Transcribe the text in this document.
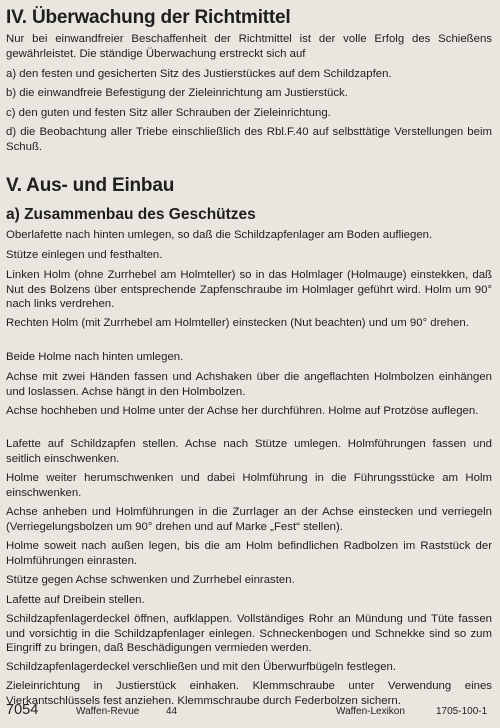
IV. Überwachung der Richtmittel

Nur bei einwandfreier Beschaffenheit der Richtmittel ist der volle Erfolg des Schießens gewährleistet. Die ständige Überwachung erstreckt sich auf

a) den festen und gesicherten Sitz des Justierstückes auf dem Schildzapfen.

b) die einwandfreie Befestigung der Zieleinrichtung am Justierstück.

c) den guten und festen Sitz aller Schrauben der Zieleinrichtung.

d) die Beobachtung aller Triebe einschließlich des Rbl.F.40 auf selbsttätige Verstellungen beim Schuß.

V. Aus- und Einbau
a) Zusammenbau des Geschützes

Oberlafette nach hinten umlegen, so daß die Schildzapfenlager am Boden aufliegen.

Stütze einlegen und festhalten.

Linken Holm (ohne Zurrhebel am Holmteller) so in das Holmlager (Holmauge) einstekken, daß Nut des Bolzens über entsprechende Zapfenschraube im Holmlager geführt wird. Holm um 90° nach links verdrehen.

Rechten Holm (mit Zurrhebel am Holmteller) einstecken (Nut beachten) und um 90° drehen.

Beide Holme nach hinten umlegen.

Achse mit zwei Händen fassen und Achshaken über die angeflachten Holmbolzen einhängen und loslassen. Achse hängt in den Holmbolzen.

Achse hochheben und Holme unter der Achse her durchführen. Holme auf Protzöse auflegen.

Lafette auf Schildzapfen stellen. Achse nach Stütze umlegen. Holmführungen fassen und seitlich einschwenken.

Holme weiter herumschwenken und dabei Holmführung in die Führungsstücke am Holm einschwenken.

Achse anheben und Holmführungen in die Zurrlager an der Achse einstecken und verriegeln (Verriegelungsbolzen um 90° drehen und auf Marke „Fest“ stellen).

Holme soweit nach außen legen, bis die am Holm befindlichen Radbolzen im Raststück der Holmführungen einrasten.

Stütze gegen Achse schwenken und Zurrhebel einrasten.

Lafette auf Dreibein stellen.

Schildzapfenlagerdeckel öffnen, aufklappen. Vollständiges Rohr an Mündung und Tüte fassen und vorsichtig in die Schildzapfenlager einlegen. Schneckenbogen und Schnekke sind so zum Eingriff zu bringen, daß Beschädigungen vermieden werden.

Schildzapfenlagerdeckel verschließen und mit den Überwurfbügeln festlegen.

Zieleinrichtung in Justierstück einhaken. Klemmschraube unter Verwendung eines Vierkantschlüssels fest anziehen. Klemmschraube durch Federbolzen sichern.

7054	Waffen-Revue	44	Waffen-Lexikon	1705-100-1
